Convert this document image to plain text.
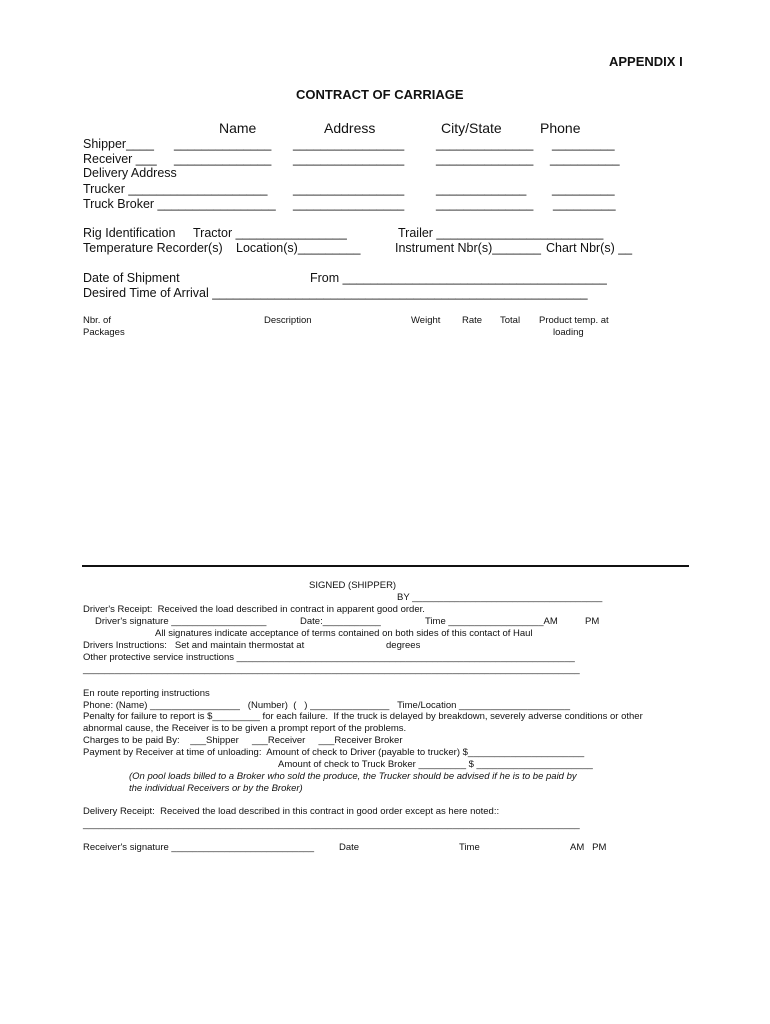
APPENDIX I
CONTRACT OF CARRIAGE
Name	Address	City/State	Phone
Shipper____ ______________ ________________	______________ _________
Receiver ___ ______________ ________________	______________ __________
Delivery Address
Trucker ____________________ ________________	_____________ _________
Truck Broker _________________ ________________	______________ _________
Rig Identification Tractor ________________	Trailer ________________________
Temperature Recorder(s) Location(s)_________	Instrument Nbr(s)_______ Chart Nbr(s) __
Date of Shipment	From ______________________________________
Desired Time of Arrival ______________________________________________________
Nbr. of
Packages
Description	Weight Rate Total Product temp. at
loading
SIGNED (SHIPPER)
BY ____________________________________
Driver's Receipt:  Received the load described in contract in apparent good order.
Driver's signature __________________	Date:___________	Time __________________AM	PM
All signatures indicate acceptance of terms contained on both sides of this contact of Haul
Drivers Instructions:   Set and maintain thermostat at	degrees
Other protective service instructions ________________________________________________________________
______________________________________________________________________________________________
En route reporting instructions
Phone: (Name) _________________   (Number)  (   ) _______________   Time/Location _____________________
Penalty for failure to report is $_________ for each failure.  If the truck is delayed by breakdown, severely adverse conditions or other
abnormal cause, the Receiver is to be given a prompt report of the problems.
Charges to be paid By:    ___Shipper     ___Receiver     ___Receiver Broker
Payment by Receiver at time of unloading:  Amount of check to Driver (payable to trucker) $______________________
Amount of check to Truck Broker _________ $ ______________________
(On pool loads billed to a Broker who sold the produce, the Trucker should be advised if he is to be paid by
the individual Receivers or by the Broker)
Delivery Receipt:  Received the load described in this contract in good order except as here noted::
______________________________________________________________________________________________
Receiver's signature ___________________________	Date	Time	AM   PM
